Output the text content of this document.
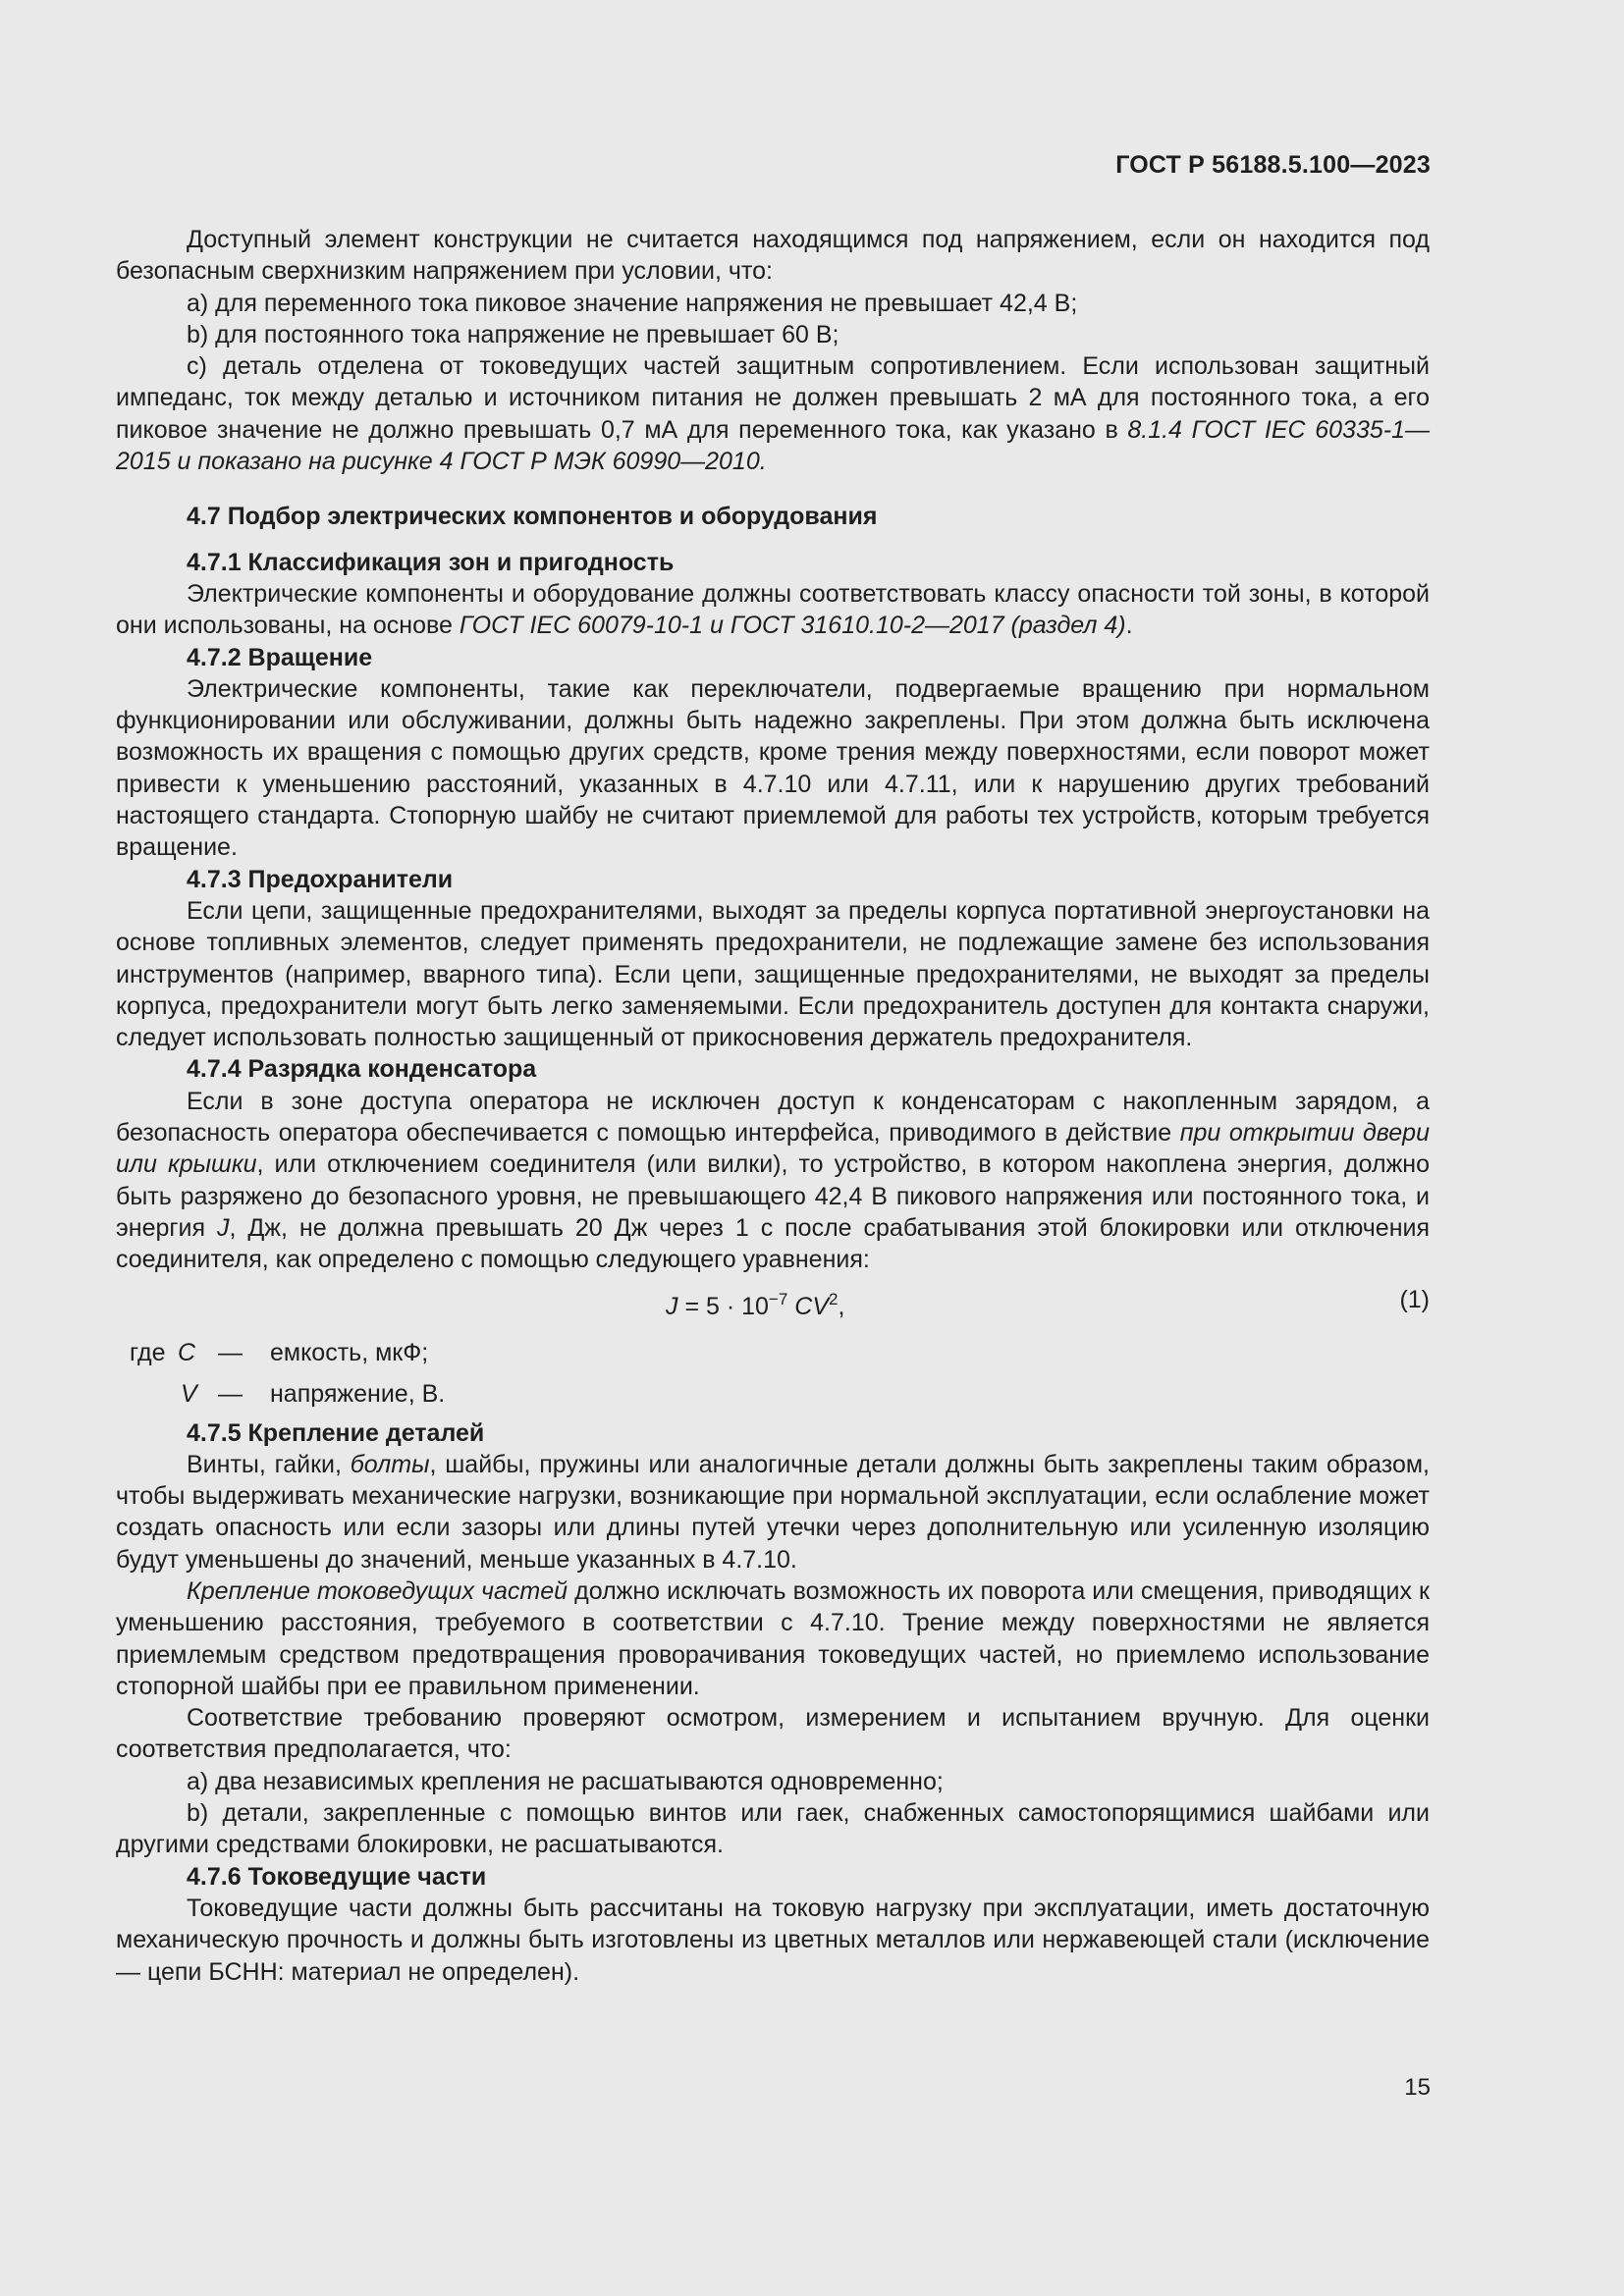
ГОСТ Р 56188.5.100—2023

Доступный элемент конструкции не считается находящимся под напряжением, если он находится под безопасным сверхнизким напряжением при условии, что:

a) для переменного тока пиковое значение напряжения не превышает 42,4 В;

b) для постоянного тока напряжение не превышает 60 В;

c) деталь отделена от токоведущих частей защитным сопротивлением. Если использован защитный импеданс, ток между деталью и источником питания не должен превышать 2 мА для постоянного тока, а его пиковое значение не должно превышать 0,7 мА для переменного тока, как указано в 8.1.4 ГОСТ IEC 60335-1—2015 и показано на рисунке 4 ГОСТ Р МЭК 60990—2010.

4.7 Подбор электрических компонентов и оборудования
4.7.1 Классификация зон и пригодность

Электрические компоненты и оборудование должны соответствовать классу опасности той зоны, в которой они использованы, на основе ГОСТ IEC 60079-10-1 и ГОСТ 31610.10-2—2017 (раздел 4).

4.7.2 Вращение

Электрические компоненты, такие как переключатели, подвергаемые вращению при нормальном функционировании или обслуживании, должны быть надежно закреплены. При этом должна быть исключена возможность их вращения с помощью других средств, кроме трения между поверхностями, если поворот может привести к уменьшению расстояний, указанных в 4.7.10 или 4.7.11, или к нарушению других требований настоящего стандарта. Стопорную шайбу не считают приемлемой для работы тех устройств, которым требуется вращение.

4.7.3 Предохранители

Если цепи, защищенные предохранителями, выходят за пределы корпуса портативной энергоустановки на основе топливных элементов, следует применять предохранители, не подлежащие замене без использования инструментов (например, вварного типа). Если цепи, защищенные предохранителями, не выходят за пределы корпуса, предохранители могут быть легко заменяемыми. Если предохранитель доступен для контакта снаружи, следует использовать полностью защищенный от прикосновения держатель предохранителя.

4.7.4 Разрядка конденсатора

Если в зоне доступа оператора не исключен доступ к конденсаторам с накопленным зарядом, а безопасность оператора обеспечивается с помощью интерфейса, приводимого в действие при открытии двери или крышки, или отключением соединителя (или вилки), то устройство, в котором накоплена энергия, должно быть разряжено до безопасного уровня, не превышающего 42,4 В пикового напряжения или постоянного тока, и энергия J, Дж, не должна превышать 20 Дж через 1 с после срабатывания этой блокировки или отключения соединителя, как определено с помощью следующего уравнения:

$J = 5 \cdot 10^{-7}$ $CV^2$,	(1)
где C — емкость, мкФ;
V — напряжение, В.
4.7.5 Крепление деталей

Винты, гайки, болты, шайбы, пружины или аналогичные детали должны быть закреплены таким образом, чтобы выдерживать механические нагрузки, возникающие при нормальной эксплуатации, если ослабление может создать опасность или если зазоры или длины путей утечки через дополнительную или усиленную изоляцию будут уменьшены до значений, меньше указанных в 4.7.10.

Крепление токоведущих частей должно исключать возможность их поворота или смещения, приводящих к уменьшению расстояния, требуемого в соответствии с 4.7.10. Трение между поверхностями не является приемлемым средством предотвращения проворачивания токоведущих частей, но приемлемо использование стопорной шайбы при ее правильном применении.

Соответствие требованию проверяют осмотром, измерением и испытанием вручную. Для оценки соответствия предполагается, что:

a) два независимых крепления не расшатываются одновременно;

b) детали, закрепленные с помощью винтов или гаек, снабженных самостопорящимися шайбами или другими средствами блокировки, не расшатываются.

4.7.6 Токоведущие части

Токоведущие части должны быть рассчитаны на токовую нагрузку при эксплуатации, иметь достаточную механическую прочность и должны быть изготовлены из цветных металлов или нержавеющей стали (исключение — цепи БСНН: материал не определен).

15
